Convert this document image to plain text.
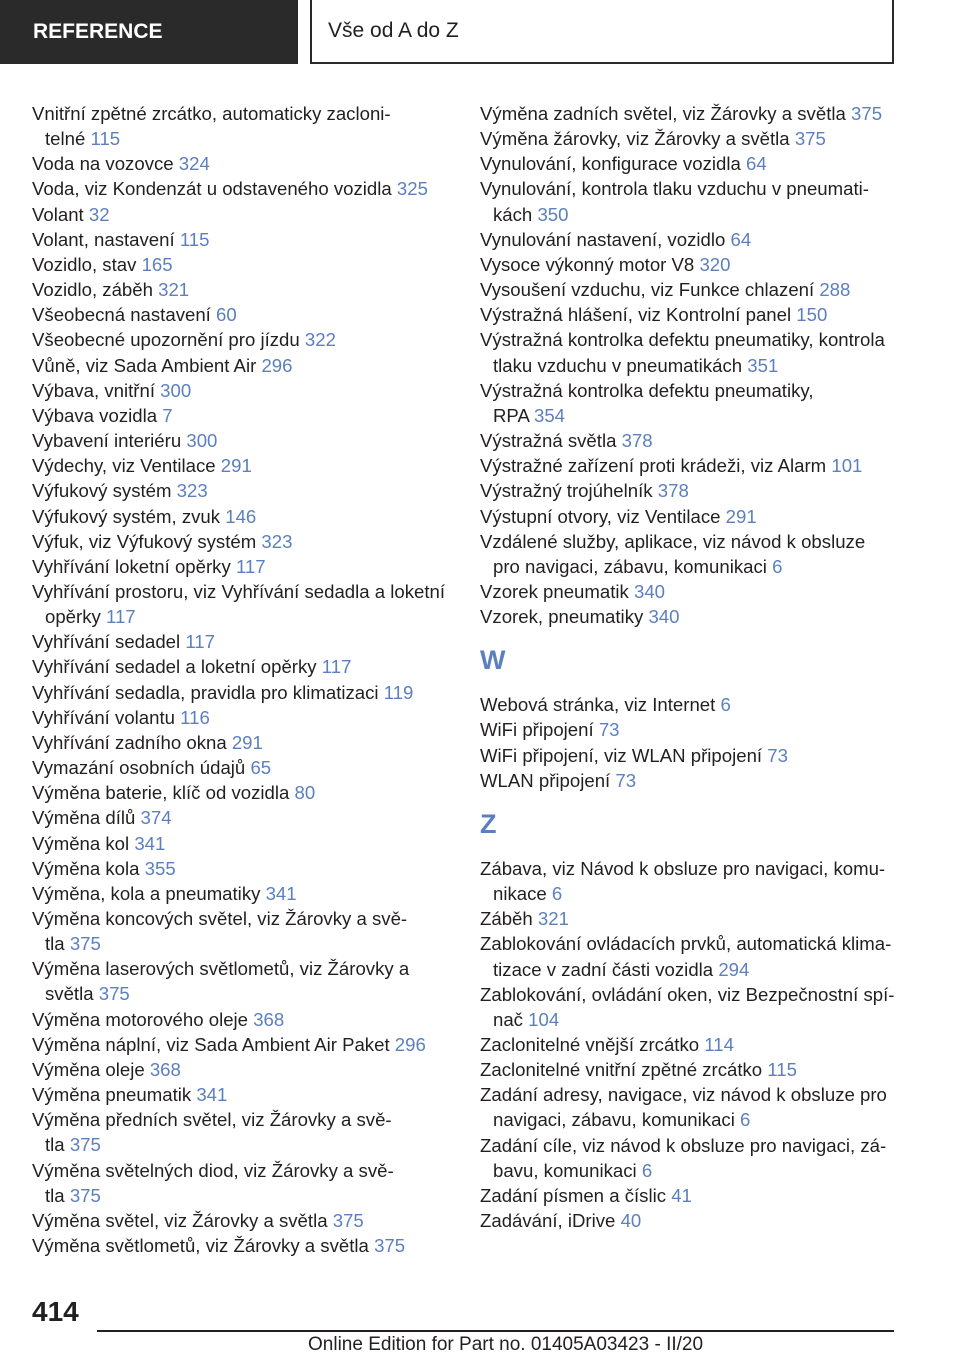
REFERENCE	Vše od A do Z
Vnitřní zpětné zrcátko, automaticky zacloni-
telné 115
Voda na vozovce 324
Voda, viz Kondenzát u odstaveného vozidla 325
Volant 32
Volant, nastavení 115
Vozidlo, stav 165
Vozidlo, záběh 321
Všeobecná nastavení 60
Všeobecné upozornění pro jízdu 322
Vůně, viz Sada Ambient Air 296
Výbava, vnitřní 300
Výbava vozidla 7
Vybavení interiéru 300
Výdechy, viz Ventilace 291
Výfukový systém 323
Výfukový systém, zvuk 146
Výfuk, viz Výfukový systém 323
Vyhřívání loketní opěrky 117
Vyhřívání prostoru, viz Vyhřívání sedadla a loketní
opěrky 117
Vyhřívání sedadel 117
Vyhřívání sedadel a loketní opěrky 117
Vyhřívání sedadla, pravidla pro klimatizaci 119
Vyhřívání volantu 116
Vyhřívání zadního okna 291
Vymazání osobních údajů 65
Výměna baterie, klíč od vozidla 80
Výměna dílů 374
Výměna kol 341
Výměna kola 355
Výměna, kola a pneumatiky 341
Výměna koncových světel, viz Žárovky a svě-
tla 375
Výměna laserových světlometů, viz Žárovky a
světla 375
Výměna motorového oleje 368
Výměna náplní, viz Sada Ambient Air Paket 296
Výměna oleje 368
Výměna pneumatik 341
Výměna předních světel, viz Žárovky a svě-
tla 375
Výměna světelných diod, viz Žárovky a svě-
tla 375
Výměna světel, viz Žárovky a světla 375
Výměna světlometů, viz Žárovky a světla 375
Výměna zadních světel, viz Žárovky a světla 375
Výměna žárovky, viz Žárovky a světla 375
Vynulování, konfigurace vozidla 64
Vynulování, kontrola tlaku vzduchu v pneumati-
kách 350
Vynulování nastavení, vozidlo 64
Vysoce výkonný motor V8 320
Vysoušení vzduchu, viz Funkce chlazení 288
Výstražná hlášení, viz Kontrolní panel 150
Výstražná kontrolka defektu pneumatiky, kontrola
tlaku vzduchu v pneumatikách 351
Výstražná kontrolka defektu pneumatiky,
RPA 354
Výstražná světla 378
Výstražné zařízení proti krádeži, viz Alarm 101
Výstražný trojúhelník 378
Výstupní otvory, viz Ventilace 291
Vzdálené služby, aplikace, viz návod k obsluze
pro navigaci, zábavu, komunikaci 6
Vzorek pneumatik 340
Vzorek, pneumatiky 340
W
Webová stránka, viz Internet 6
WiFi připojení 73
WiFi připojení, viz WLAN připojení 73
WLAN připojení 73
Z
Zábava, viz Návod k obsluze pro navigaci, komu-
nikace 6
Záběh 321
Zablokování ovládacích prvků, automatická klima-
tizace v zadní části vozidla 294
Zablokování, ovládání oken, viz Bezpečnostní spí-
nač 104
Zaclonitelné vnější zrcátko 114
Zaclonitelné vnitřní zpětné zrcátko 115
Zadání adresy, navigace, viz návod k obsluze pro
navigaci, zábavu, komunikaci 6
Zadání cíle, viz návod k obsluze pro navigaci, zá-
bavu, komunikaci 6
Zadání písmen a číslic 41
Zadávání, iDrive 40
414
Online Edition for Part no. 01405A03423 - II/20
